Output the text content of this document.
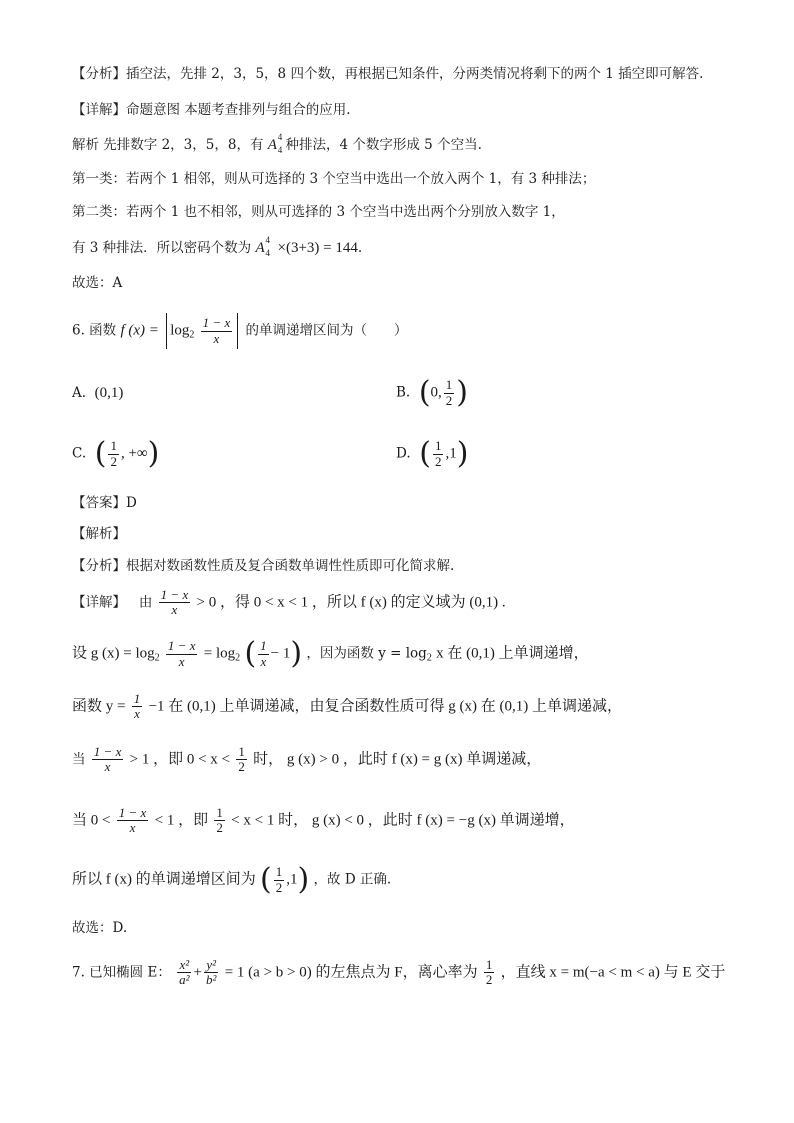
【分析】插空法，先排 2，3，5，8 四个数，再根据已知条件，分两类情况将剩下的两个 1 插空即可解答.
【详解】命题意图 本题考查排列与组合的应用.
解析 先排数字 2，3，5，8，有 A 4
4 种排法，4 个数字形成 5 个空当.
第一类：若两个 1 相邻，则从可选择的 3 个空当中选出一个放入两个 1，有 3 种排法；
第二类：若两个 1 也不相邻，则从可选择的 3 个空当中选出两个分别放入数字 1，
有 3 种排法．所以密码个数为 A 4
4 ×(3+3) = 144.
故选：A
6. 函数 f $(x) = \log_2 \frac{1 - x}{x}$ 的单调递增区间为（　　）
A. (0,1)	B. (0, $\frac{1}{2}$ )
C. ( $\frac{1}{2}$ , +∞)	D. ( $\frac{1}{2} ,1$)
【答案】D
【解析】
【分析】根据对数函数性质及复合函数单调性性质即可化简求解.
【详解】 由 $\frac{1 - x}{x} > 0$ ，得 0 < x < 1 ，所以 f (x) 的定义域为 (0,1) .
设 g $(x) = \log_2 \frac{1 - x}{x} = \log_2$ ( $\frac{1}{x} - 1$) ，因为函数 $y = \log_2 x$ 在 (0,1) 上单调递增，
函数 $y = \frac{1}{x} -1$ 在 (0,1) 上单调递减，由复合函数性质可得 g (x) 在 (0,1) 上单调递减，
当 $\frac{1 - x}{x} > 1$ ，即 $0 < x < \frac{1}{2}$ 时， g (x) > 0 ，此时 f (x) = g (x) 单调递减，
当 $0 < \frac{1 - x}{x} < 1$ ，即 $\frac{1}{2} < x < 1$ 时， g (x) < 0 ，此时 f (x) = −g (x) 单调递增，
所以 f (x) 的单调递增区间为 ( $\frac{1}{2} ,1$) ，故 D 正确.
故选：D.
7. 已知椭圆 E： $\frac{\text{x²}}{\text{a²}} + \frac{\text{y²}}{\text{b²}} = 1$ (a > b > 0) 的左焦点为 F，离心率为 $\frac{1}{2}$ ，直线 x = m(−a < m < a) 与 E 交于
